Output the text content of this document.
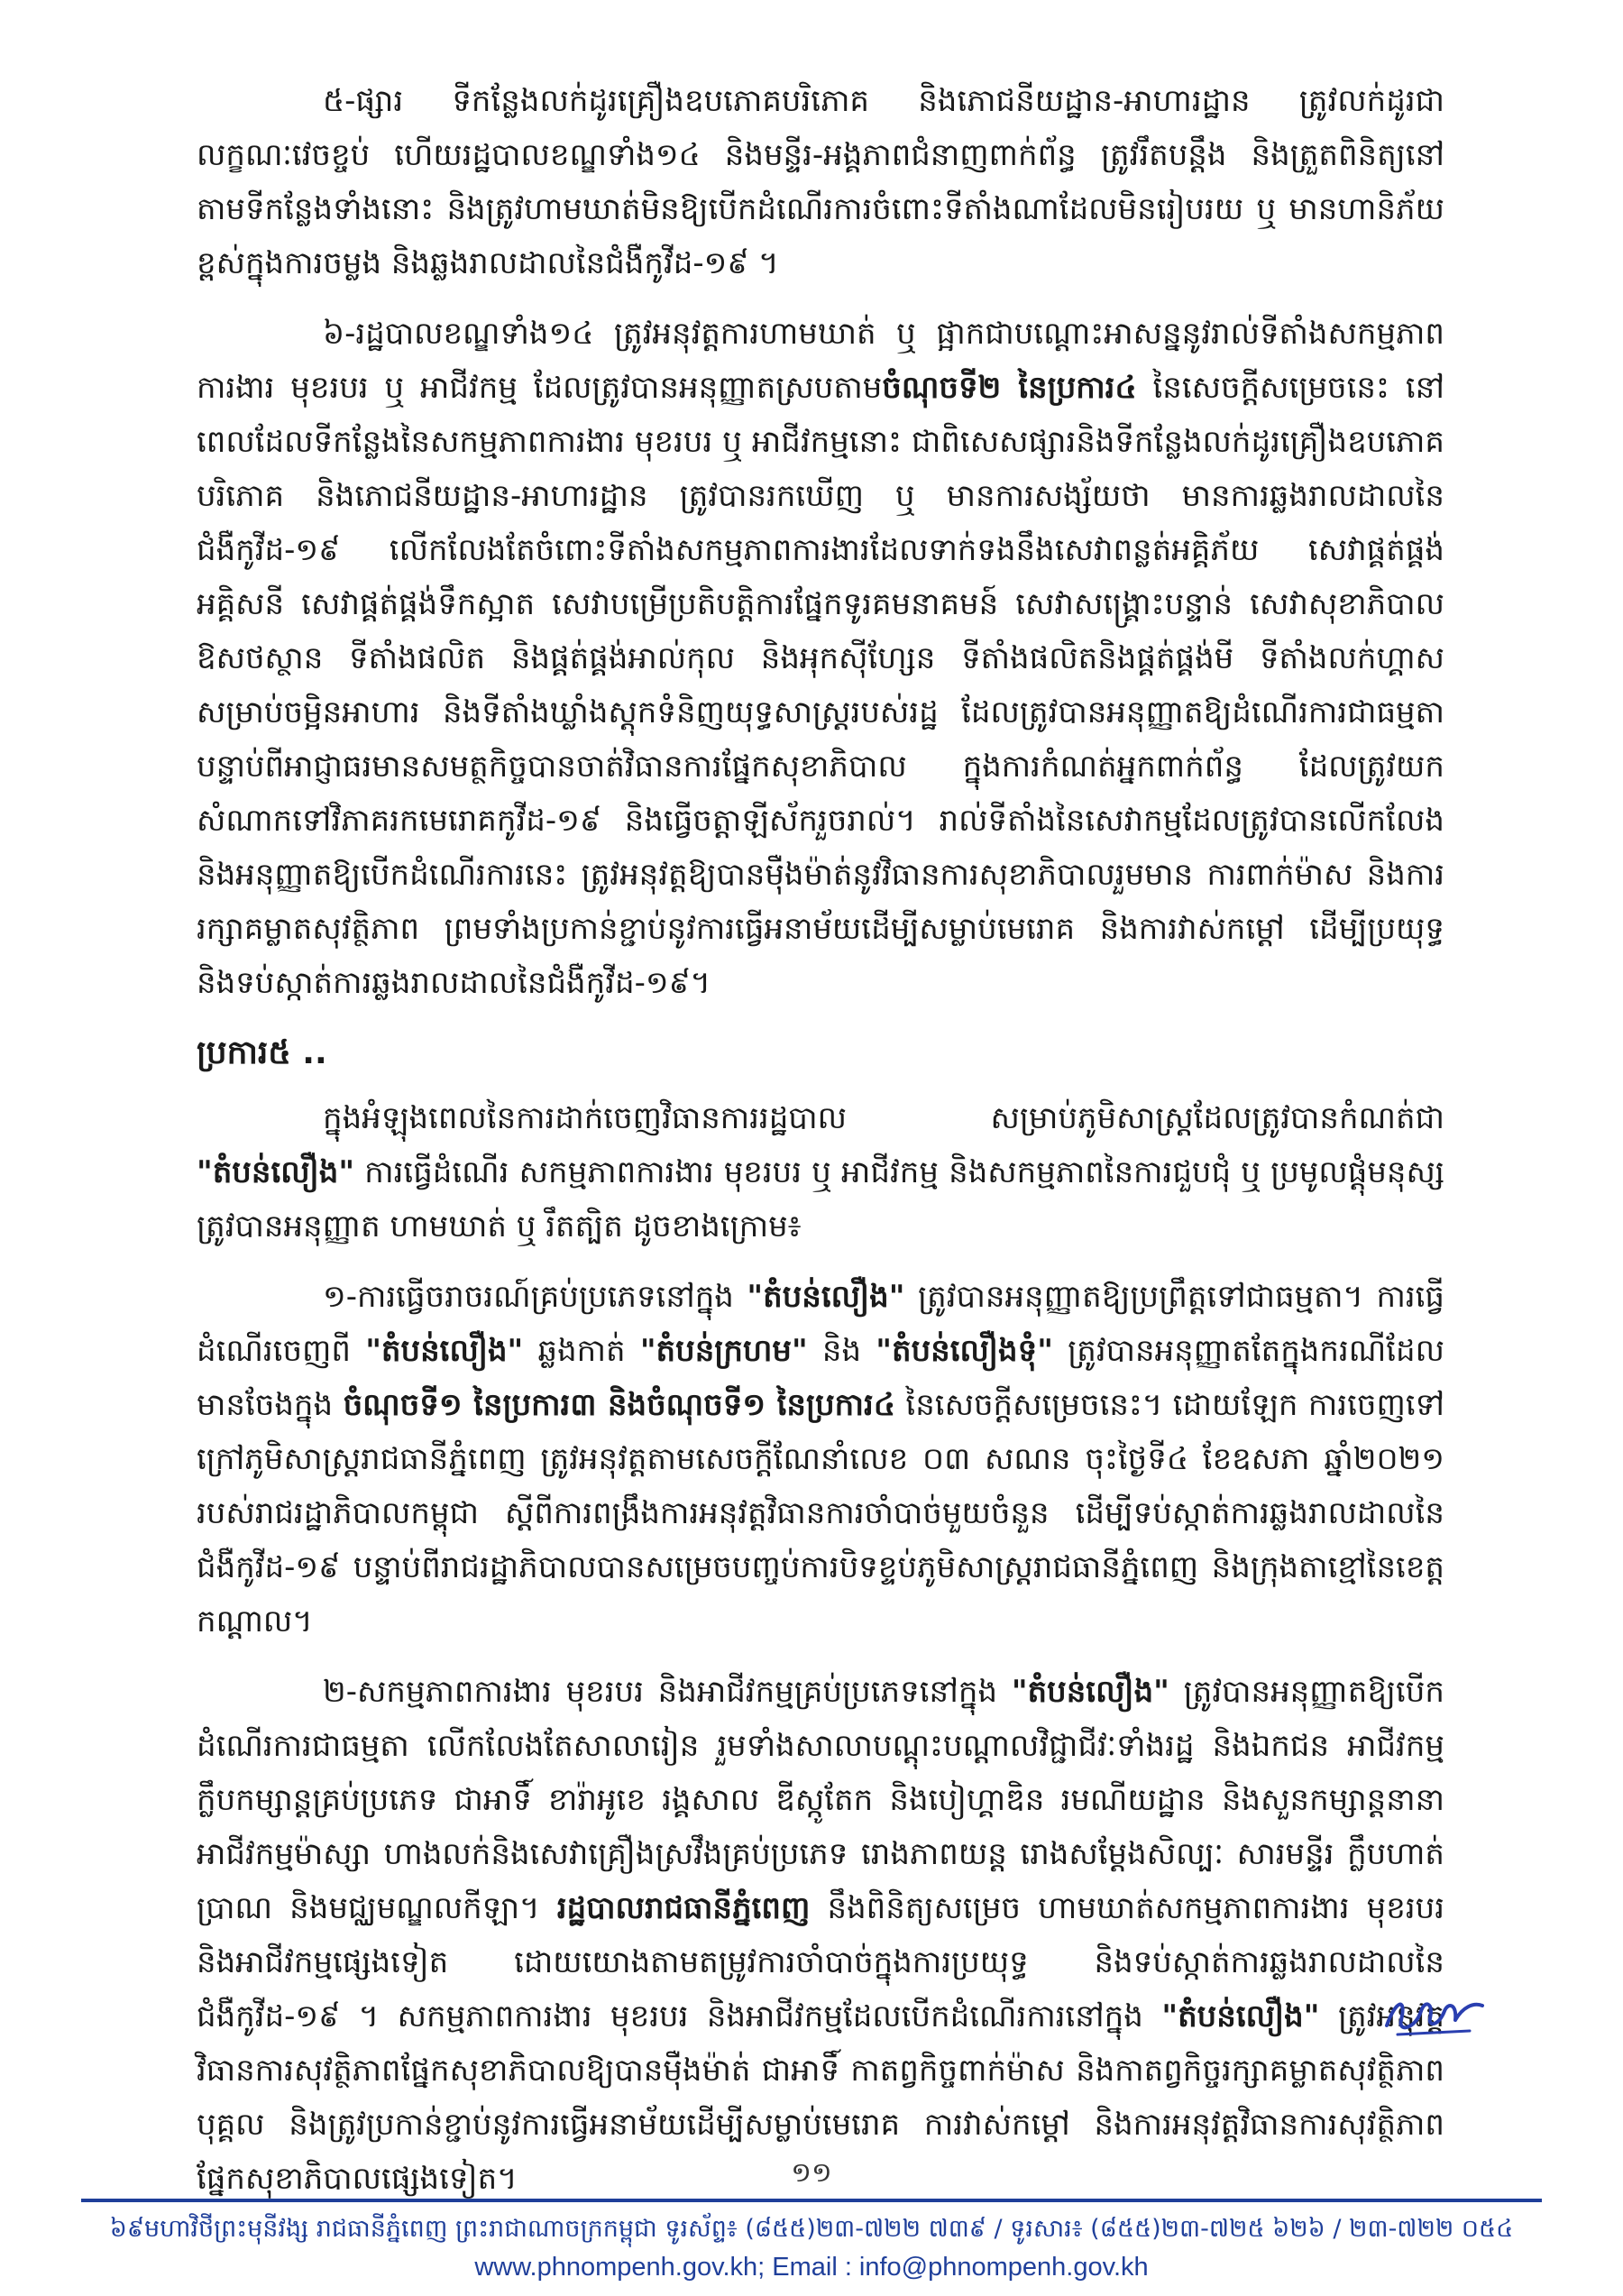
៥-ផ្សារ ទីកន្លែងលក់ដូរគ្រឿងឧបភោគបរិភោគ និងភោជនីយដ្ឋាន-អាហារដ្ឋាន ត្រូវលក់ដូរជាលក្ខណៈវេចខ្ចប់ ហើយរដ្ឋបាលខណ្ឌទាំង១៤ និងមន្ទីរ-អង្គភាពជំនាញពាក់ព័ន្ធ ត្រូវរឹតបន្តឹង និងត្រួតពិនិត្យនៅតាមទីកន្លែងទាំងនោះ និងត្រូវហាមឃាត់មិនឱ្យបើកដំណើរការចំពោះទីតាំងណាដែលមិនរៀបរយ ឬ មានហានិភ័យខ្ពស់ក្នុងការចម្លង និងឆ្លងរាលដាលនៃជំងឺកូវីដ-១៩ ។

៦-រដ្ឋបាលខណ្ឌទាំង១៤ ត្រូវអនុវត្តការហាមឃាត់ ឬ ផ្អាកជាបណ្តោះអាសន្ននូវរាល់ទីតាំងសកម្មភាពការងារ មុខរបរ ឬ អាជីវកម្ម ដែលត្រូវបានអនុញ្ញាតស្របតាមចំណុចទី២ នៃប្រការ៤ នៃសេចក្តីសម្រេចនេះ នៅពេលដែលទីកន្លែងនៃសកម្មភាពការងារ មុខរបរ ឬ អាជីវកម្មនោះ ជាពិសេសផ្សារនិងទីកន្លែងលក់ដូរគ្រឿងឧបភោគបរិភោគ និងភោជនីយដ្ឋាន-អាហារដ្ឋាន ត្រូវបានរកឃើញ ឬ មានការសង្ស័យថា មានការឆ្លងរាលដាលនៃជំងឺកូវីដ-១៩ លើកលែងតែចំពោះទីតាំងសកម្មភាពការងារដែលទាក់ទងនឹងសេវាពន្លត់អគ្គិភ័យ សេវាផ្គត់ផ្គង់អគ្គិសនី សេវាផ្គត់ផ្គង់ទឹកស្អាត សេវាបម្រើប្រតិបត្តិការផ្នែកទូរគមនាគមន៍ សេវាសង្គ្រោះបន្ទាន់ សេវាសុខាភិបាល ឱសថស្ថាន ទីតាំងផលិត និងផ្គត់ផ្គង់អាល់កុល និងអុកស៊ីហ្សែន ទីតាំងផលិតនិងផ្គត់ផ្គង់មី ទីតាំងលក់ហ្គាសសម្រាប់ចម្អិនអាហារ និងទីតាំងឃ្លាំងស្តុកទំនិញយុទ្ធសាស្ត្ររបស់រដ្ឋ ដែលត្រូវបានអនុញ្ញាតឱ្យដំណើរការជាធម្មតា បន្ទាប់ពីអាជ្ញាធរមានសមត្ថកិច្ចបានចាត់វិធានការផ្នែកសុខាភិបាល ក្នុងការកំណត់អ្នកពាក់ព័ន្ធ ដែលត្រូវយកសំណាកទៅវិភាគរកមេរោគកូវីដ-១៩ និងធ្វើចត្តាឡីស័ករួចរាល់។ រាល់ទីតាំងនៃសេវាកម្មដែលត្រូវបានលើកលែង និងអនុញ្ញាតឱ្យបើកដំណើរការនេះ ត្រូវអនុវត្តឱ្យបានម៉ឺងម៉ាត់នូវវិធានការសុខាភិបាលរួមមាន ការពាក់ម៉ាស និងការរក្សាគម្លាតសុវត្ថិភាព ព្រមទាំងប្រកាន់ខ្ជាប់នូវការធ្វើអនាម័យដើម្បីសម្លាប់មេរោគ និងការវាស់កម្តៅ ដើម្បីប្រយុទ្ធនិងទប់ស្កាត់ការឆ្លងរាលដាលនៃជំងឺកូវីដ-១៩។

ប្រការ៥ ..

ក្នុងអំឡុងពេលនៃការដាក់ចេញវិធានការរដ្ឋបាល សម្រាប់ភូមិសាស្ត្រដែលត្រូវបានកំណត់ជា "តំបន់លឿង" ការធ្វើដំណើរ សកម្មភាពការងារ មុខរបរ ឬ អាជីវកម្ម និងសកម្មភាពនៃការជួបជុំ ឬ ប្រមូលផ្តុំមនុស្ស ត្រូវបានអនុញ្ញាត ហាមឃាត់ ឬ រឹតត្បិត ដូចខាងក្រោម៖

១-ការធ្វើចរាចរណ៍គ្រប់ប្រភេទនៅក្នុង "តំបន់លឿង" ត្រូវបានអនុញ្ញាតឱ្យប្រព្រឹត្តទៅជាធម្មតា។ ការធ្វើដំណើរចេញពី "តំបន់លឿង" ឆ្លងកាត់ "តំបន់ក្រហម" និង "តំបន់លឿងទុំ" ត្រូវបានអនុញ្ញាតតែក្នុងករណីដែលមានចែងក្នុង ចំណុចទី១ នៃប្រការ៣ និងចំណុចទី១ នៃប្រការ៤ នៃសេចក្តីសម្រេចនេះ។ ដោយឡែក ការចេញទៅក្រៅភូមិសាស្ត្ររាជធានីភ្នំពេញ ត្រូវអនុវត្តតាមសេចក្តីណែនាំលេខ ០៣ សណន ចុះថ្ងៃទី៤ ខែឧសភា ឆ្នាំ២០២១ របស់រាជរដ្ឋាភិបាលកម្ពុជា ស្តីពីការពង្រឹងការអនុវត្តវិធានការចាំបាច់មួយចំនួន ដើម្បីទប់ស្កាត់ការឆ្លងរាលដាលនៃជំងឺកូវីដ-១៩ បន្ទាប់ពីរាជរដ្ឋាភិបាលបានសម្រេចបញ្ចប់ការបិទខ្ទប់ភូមិសាស្ត្ររាជធានីភ្នំពេញ និងក្រុងតាខ្មៅនៃខេត្តកណ្តាល។

២-សកម្មភាពការងារ មុខរបរ និងអាជីវកម្មគ្រប់ប្រភេទនៅក្នុង "តំបន់លឿង" ត្រូវបានអនុញ្ញាតឱ្យបើកដំណើរការជាធម្មតា លើកលែងតែសាលារៀន រួមទាំងសាលាបណ្តុះបណ្តាលវិជ្ជាជីវៈទាំងរដ្ឋ និងឯកជន អាជីវកម្មក្លឹបកម្សាន្តគ្រប់ប្រភេទ ជាអាទិ៍ ខារ៉ាអូខេ រង្គសាល ឌីស្កូតែក និងបៀហ្គាឌិន រមណីយដ្ឋាន និងសួនកម្សាន្តនានា អាជីវកម្មម៉ាស្សា ហាងលក់និងសេវាគ្រឿងស្រវឹងគ្រប់ប្រភេទ រោងភាពយន្ត រោងសម្តែងសិល្បៈ សារមន្ទីរ ក្លឹបហាត់ប្រាណ និងមជ្ឈមណ្ឌលកីឡា។ រដ្ឋបាលរាជធានីភ្នំពេញ នឹងពិនិត្យសម្រេច ហាមឃាត់សកម្មភាពការងារ មុខរបរ និងអាជីវកម្មផ្សេងទៀត ដោយយោងតាមតម្រូវការចាំបាច់ក្នុងការប្រយុទ្ធ និងទប់ស្កាត់ការឆ្លងរាលដាលនៃជំងឺកូវីដ-១៩ ។ សកម្មភាពការងារ មុខរបរ និងអាជីវកម្មដែលបើកដំណើរការនៅក្នុង "តំបន់លឿង" ត្រូវអនុវត្តវិធានការសុវត្ថិភាពផ្នែកសុខាភិបាលឱ្យបានម៉ឺងម៉ាត់ ជាអាទិ៍ កាតព្វកិច្ចពាក់ម៉ាស និងកាតព្វកិច្ចរក្សាគម្លាតសុវត្ថិភាពបុគ្គល និងត្រូវប្រកាន់ខ្ជាប់នូវការធ្វើអនាម័យដើម្បីសម្លាប់មេរោគ ការវាស់កម្តៅ និងការអនុវត្តវិធានការសុវត្ថិភាពផ្នែកសុខាភិបាលផ្សេងទៀត។	១១
៦៩មហាវិថីព្រះមុនីវង្ស រាជធានីភ្នំពេញ ព្រះរាជាណាចក្រកម្ពុជា ទូរស័ព្ទ៖ (៨៥៥)២៣-៧២២ ៧៣៩ / ទូរសារ៖ (៨៥៥)២៣-៧២៥ ៦២៦ / ២៣-៧២២ ០៥៤
www.phnompenh.gov.kh; Email : info@phnompenh.gov.kh
